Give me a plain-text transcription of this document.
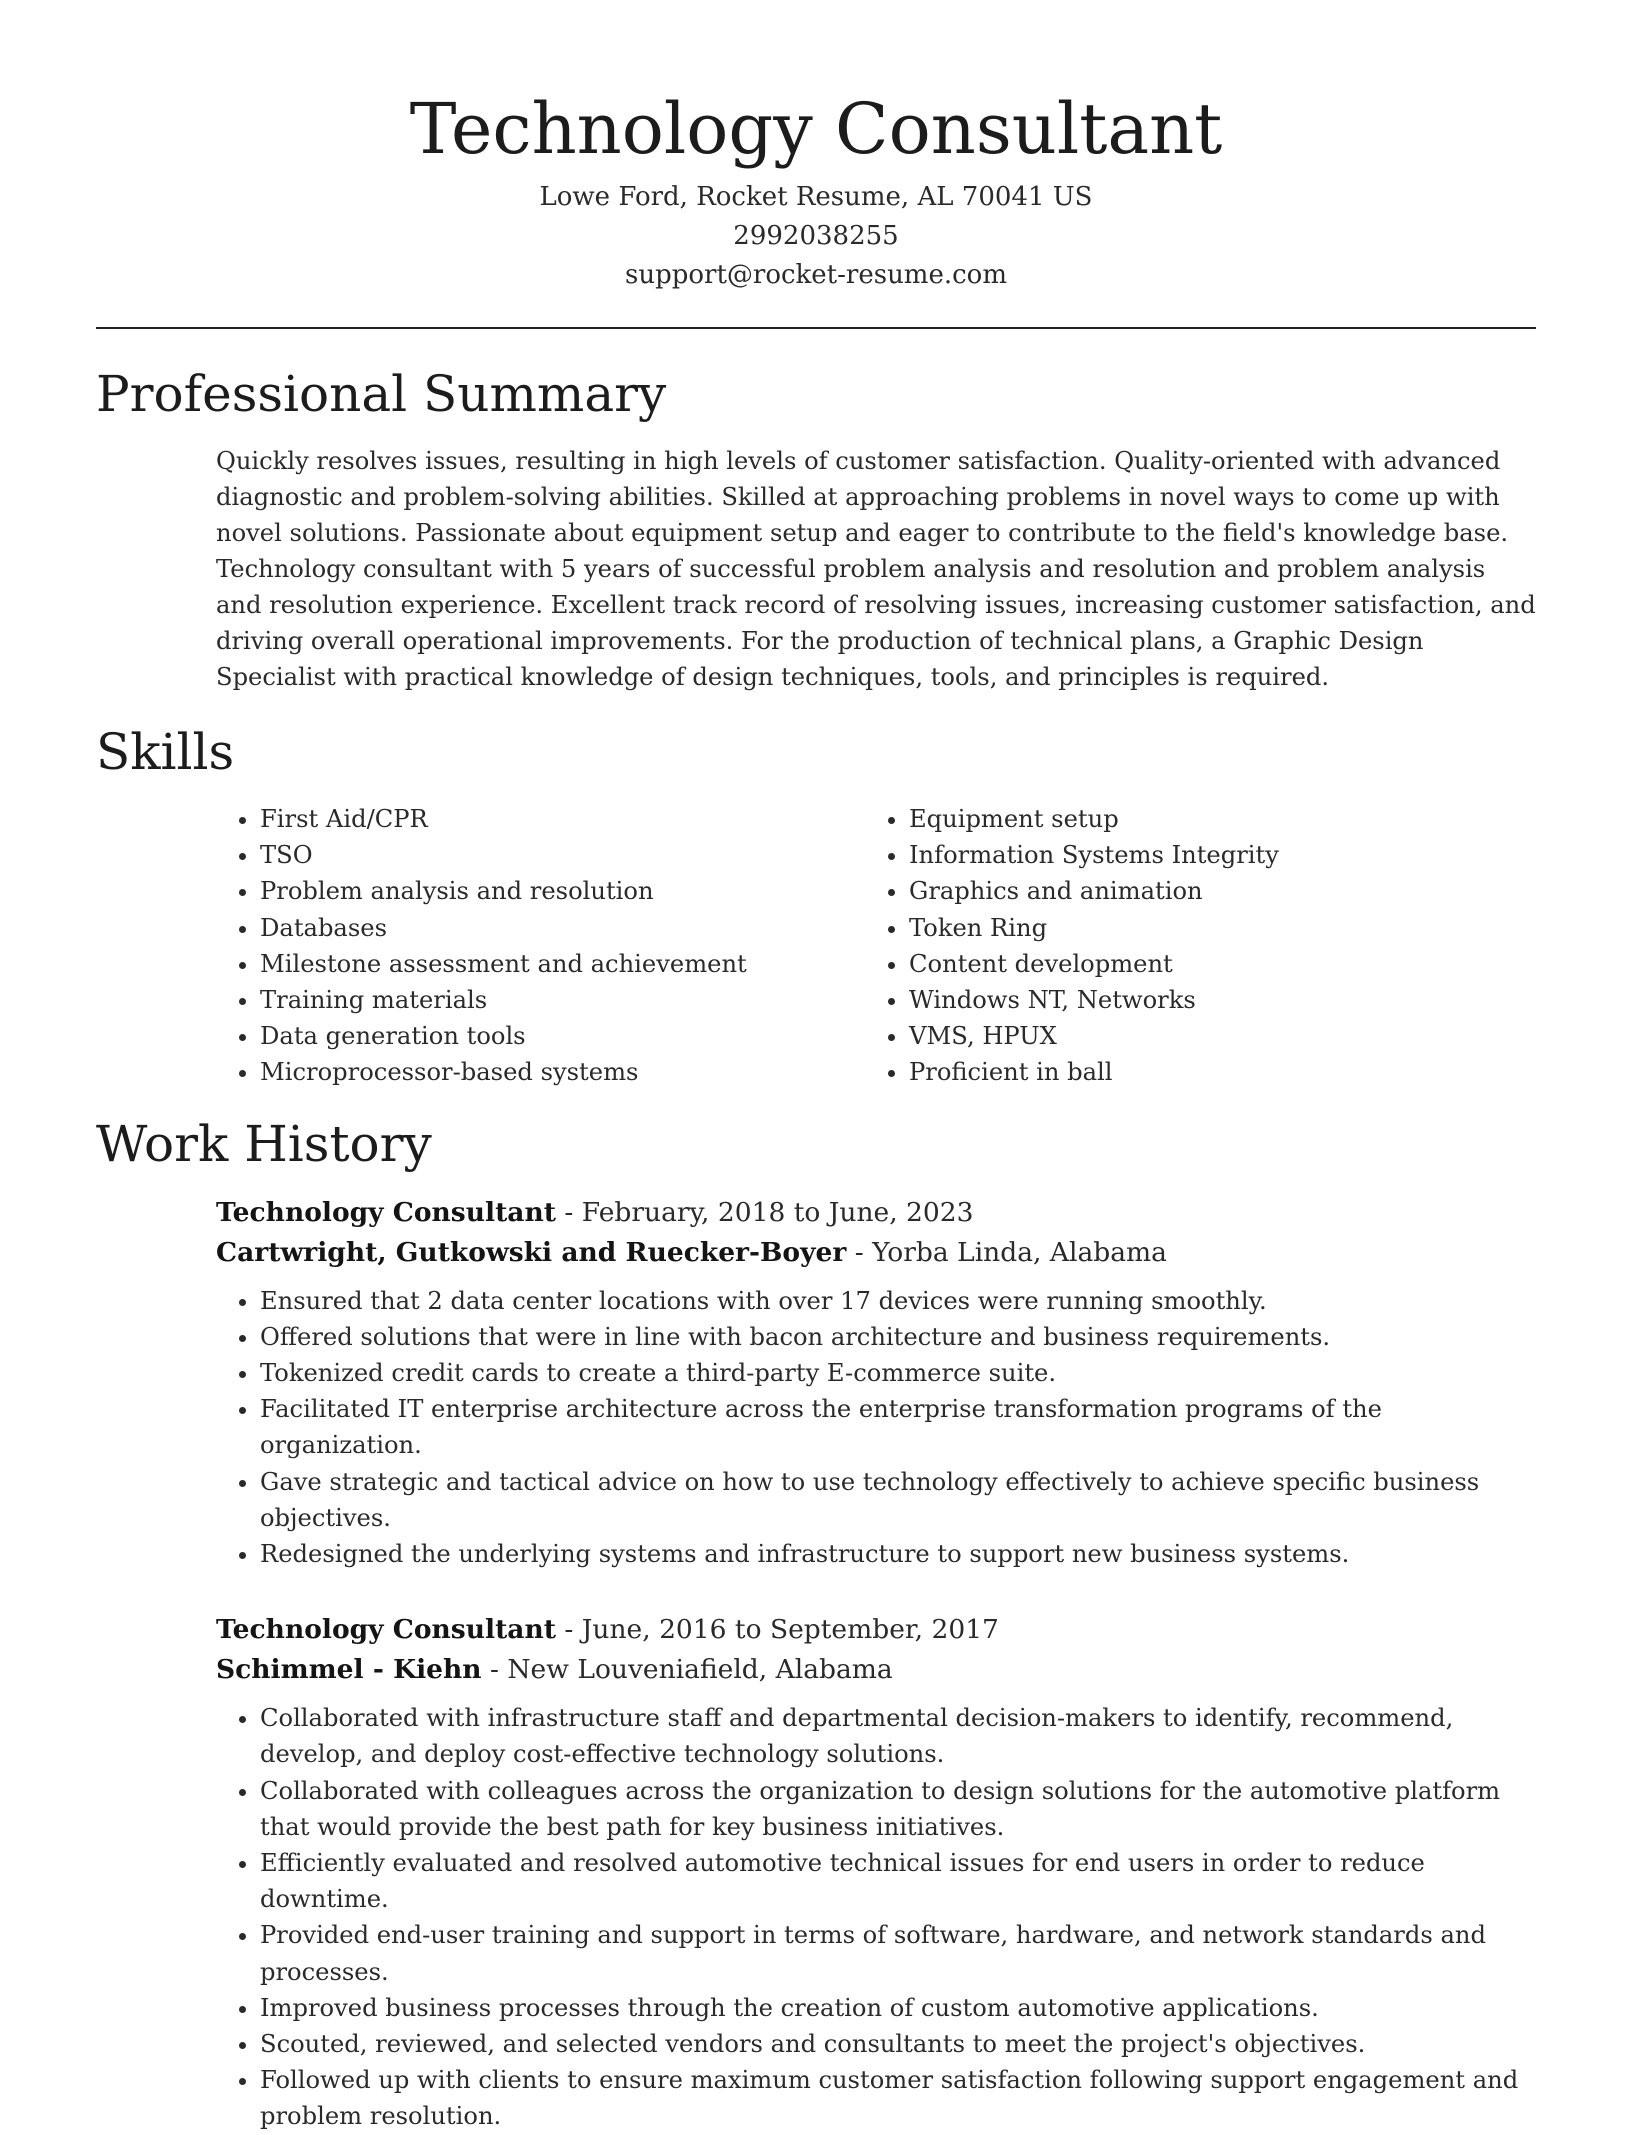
Technology Consultant
Lowe Ford, Rocket Resume, AL 70041 US
2992038255
support@rocket-resume.com
Professional Summary

Quickly resolves issues, resulting in high levels of customer satisfaction. Quality-oriented with advanced diagnostic and problem-solving abilities. Skilled at approaching problems in novel ways to come up with novel solutions. Passionate about equipment setup and eager to contribute to the field's knowledge base. Technology consultant with 5 years of successful problem analysis and resolution and problem analysis and resolution experience. Excellent track record of resolving issues, increasing customer satisfaction, and driving overall operational improvements. For the production of technical plans, a Graphic Design Specialist with practical knowledge of design techniques, tools, and principles is required.

Skills
• First Aid/CPR
• TSO
• Problem analysis and resolution
• Databases
• Milestone assessment and achievement
• Training materials
• Data generation tools
• Microprocessor-based systems
• Equipment setup
• Information Systems Integrity
• Graphics and animation
• Token Ring
• Content development
• Windows NT, Networks
• VMS, HPUX
• Proficient in ball
Work History
Technology Consultant - February, 2018 to June, 2023
Cartwright, Gutkowski and Ruecker-Boyer - Yorba Linda, Alabama
• Ensured that 2 data center locations with over 17 devices were running smoothly.
• Offered solutions that were in line with bacon architecture and business requirements.
• Tokenized credit cards to create a third-party E-commerce suite.
• Facilitated IT enterprise architecture across the enterprise transformation programs of the organization.
• Gave strategic and tactical advice on how to use technology effectively to achieve specific business objectives.
• Redesigned the underlying systems and infrastructure to support new business systems.
Technology Consultant - June, 2016 to September, 2017
Schimmel - Kiehn - New Louveniafield, Alabama
• Collaborated with infrastructure staff and departmental decision-makers to identify, recommend, develop, and deploy cost-effective technology solutions.
• Collaborated with colleagues across the organization to design solutions for the automotive platform that would provide the best path for key business initiatives.
• Efficiently evaluated and resolved automotive technical issues for end users in order to reduce downtime.
• Provided end-user training and support in terms of software, hardware, and network standards and processes.
• Improved business processes through the creation of custom automotive applications.
• Scouted, reviewed, and selected vendors and consultants to meet the project's objectives.
• Followed up with clients to ensure maximum customer satisfaction following support engagement and problem resolution.
